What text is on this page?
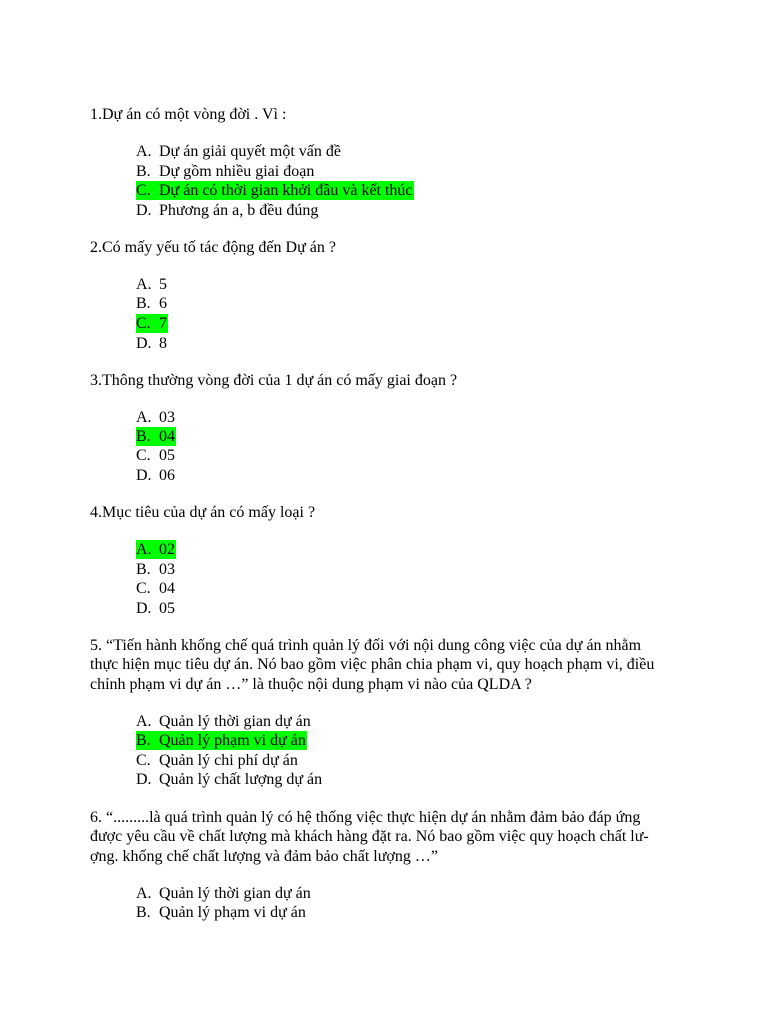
1.Dự án có một vòng đời . Vì :
A. Dự án giải quyết một vấn đề
B. Dự gồm nhiều giai đoạn
C. Dự án có thời gian khởi đầu và kết thúc
D. Phương án a, b đều đúng
2.Có mấy yếu tố tác động đến Dự án ?
A. 5
B. 6
C. 7
D. 8
3.Thông thường vòng đời của 1 dự án có mấy giai đoạn ?
A. 03
B. 04
C. 05
D. 06
4.Mục tiêu của dự án có mấy loại ?
A. 02
B. 03
C. 04
D. 05
5. “Tiến hành khống chế quá trình quản lý đối với nội dung công việc của dự án nhằm
thực hiện mục tiêu dự án. Nó bao gồm việc phân chia phạm vi, quy hoạch phạm vi, điều
chỉnh phạm vi dự án …” là thuộc nội dung phạm vi nào của QLDA ?
A. Quản lý thời gian dự án
B. Quản lý phạm vi dự án
C. Quản lý chi phí dự án
D. Quản lý chất lượng dự án
6. “.........là quá trình quản lý có hệ thống việc thực hiện dự án nhằm đảm bảo đáp ứng
được yêu cầu về chất lượng mà khách hàng đặt ra. Nó bao gồm việc quy hoạch chất lư-
ợng. khống chế chất lượng và đảm bảo chất lượng …”
A. Quản lý thời gian dự án
B. Quản lý phạm vi dự án
